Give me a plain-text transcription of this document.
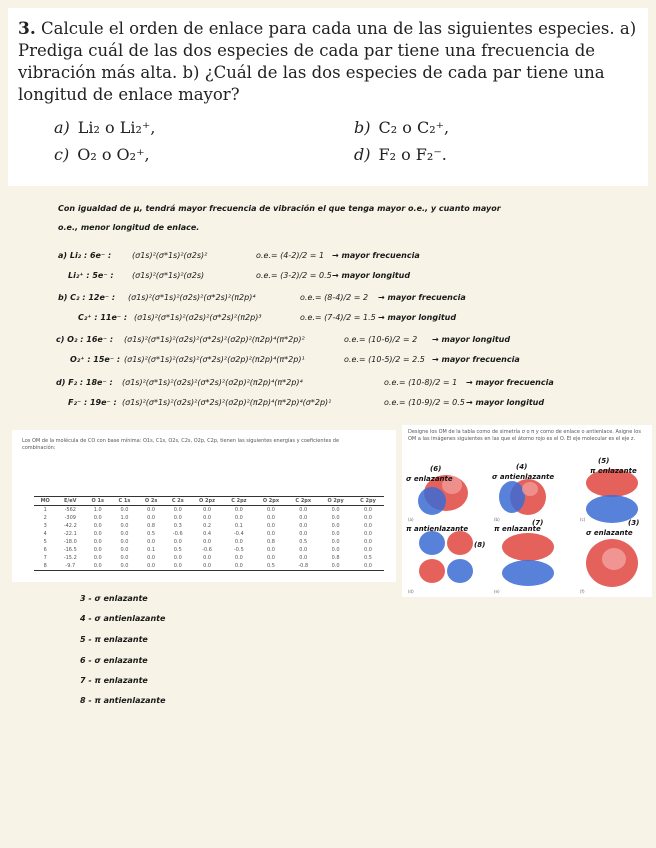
3. Calcule el orden de enlace para cada una de las siguientes especies. a) Prediga cuál de las dos especies de cada par tiene una frecuencia de vibración más alta. b) ¿Cuál de las dos especies de cada par tiene una longitud de enlace mayor?

a) Li₂ o Li₂⁺,	b) C₂ o C₂⁺,
c) O₂ o O₂⁺,	d) F₂ o F₂⁻.
Con igualdad de μ, tendrá mayor frecuencia de vibración el que tenga mayor o.e., y cuanto mayor
o.e., menor longitud de enlace.
a) Li₂ : 6e⁻ :	(σ1s)²(σ*1s)²(σ2s)²	o.e.= (4-2)/2 = 1 → mayor frecuencia
Li₂⁺ : 5e⁻ : (σ1s)²(σ*1s)²(σ2s)	o.e.= (3-2)/2 = 0.5 → mayor longitud
b) C₂ : 12e⁻ : (σ1s)²(σ*1s)²(σ2s)²(σ*2s)²(π2p)⁴	o.e.= (8-4)/2 = 2 → mayor frecuencia
C₂⁺ : 11e⁻ : (σ1s)²(σ*1s)²(σ2s)²(σ*2s)²(π2p)³	o.e.= (7-4)/2 = 1.5 → mayor longitud
c) O₂ : 16e⁻ : (σ1s)²(σ*1s)²(σ2s)²(σ*2s)²(σ2p)²(π2p)⁴(π*2p)²	o.e.= (10-6)/2 = 2 → mayor longitud
O₂⁺ : 15e⁻ : (σ1s)²(σ*1s)²(σ2s)²(σ*2s)²(σ2p)²(π2p)⁴(π*2p)¹	o.e.= (10-5)/2 = 2.5 → mayor frecuencia
d) F₂ : 18e⁻ : (σ1s)²(σ*1s)²(σ2s)²(σ*2s)²(σ2p)²(π2p)⁴(π*2p)⁴	o.e.= (10-8)/2 = 1 → mayor frecuencia
F₂⁻ : 19e⁻ : (σ1s)²(σ*1s)²(σ2s)²(σ*2s)²(σ2p)²(π2p)⁴(π*2p)⁴(σ*2p)¹	o.e.= (10-9)/2 = 0.5 → mayor longitud
Los OM de la molécula de CO con base mínima: O1s, C1s, O2s, C2s, O2p, C2p, tienen las siguientes energías y coeficientes de combinación:
MO	E/eV	O 1s	C 1s	O 2s	C 2s	O 2pz	C 2pz	O 2px	C 2px	O 2py	C 2py
1	-562	1.0	0.0	0.0	0.0	0.0	0.0	0.0	0.0	0.0	0.0
2	-309	0.0	1.0	0.0	0.0	0.0	0.0	0.0	0.0	0.0	0.0
3	-42.2	0.0	0.0	0.8	0.3	0.2	0.1	0.0	0.0	0.0	0.0
4	-22.1	0.0	0.0	0.5	-0.6	0.4	-0.4	0.0	0.0	0.0	0.0
5	-18.0	0.0	0.0	0.0	0.0	0.0	0.0	0.8	0.5	0.0	0.0
6	-16.5	0.0	0.0	0.1	0.5	-0.6	-0.5	0.0	0.0	0.0	0.0
7	-15.2	0.0	0.0	0.0	0.0	0.0	0.0	0.0	0.0	0.8	0.5
8	-9.7	0.0	0.0	0.0	0.0	0.0	0.0	0.5	-0.8	0.0	0.0
Designe los OM de la tabla como de simetría σ o π y como de enlace o antienlace. Asigne los OM a las imágenes siguientes en las que el átomo rojo es el O. El eje molecular es el eje z.
(6)
σ enlazante
(4)
σ antienlazante
(5)
π enlazante
π antienlazante
(8)
(7)
π enlazante
(3)
σ enlazante
(a)	(b)	(c)
(d)	(e)	(f)
3 - σ enlazante
4 - σ antienlazante
5 - π enlazante
6 - σ enlazante
7 - π enlazante
8 - π antienlazante
